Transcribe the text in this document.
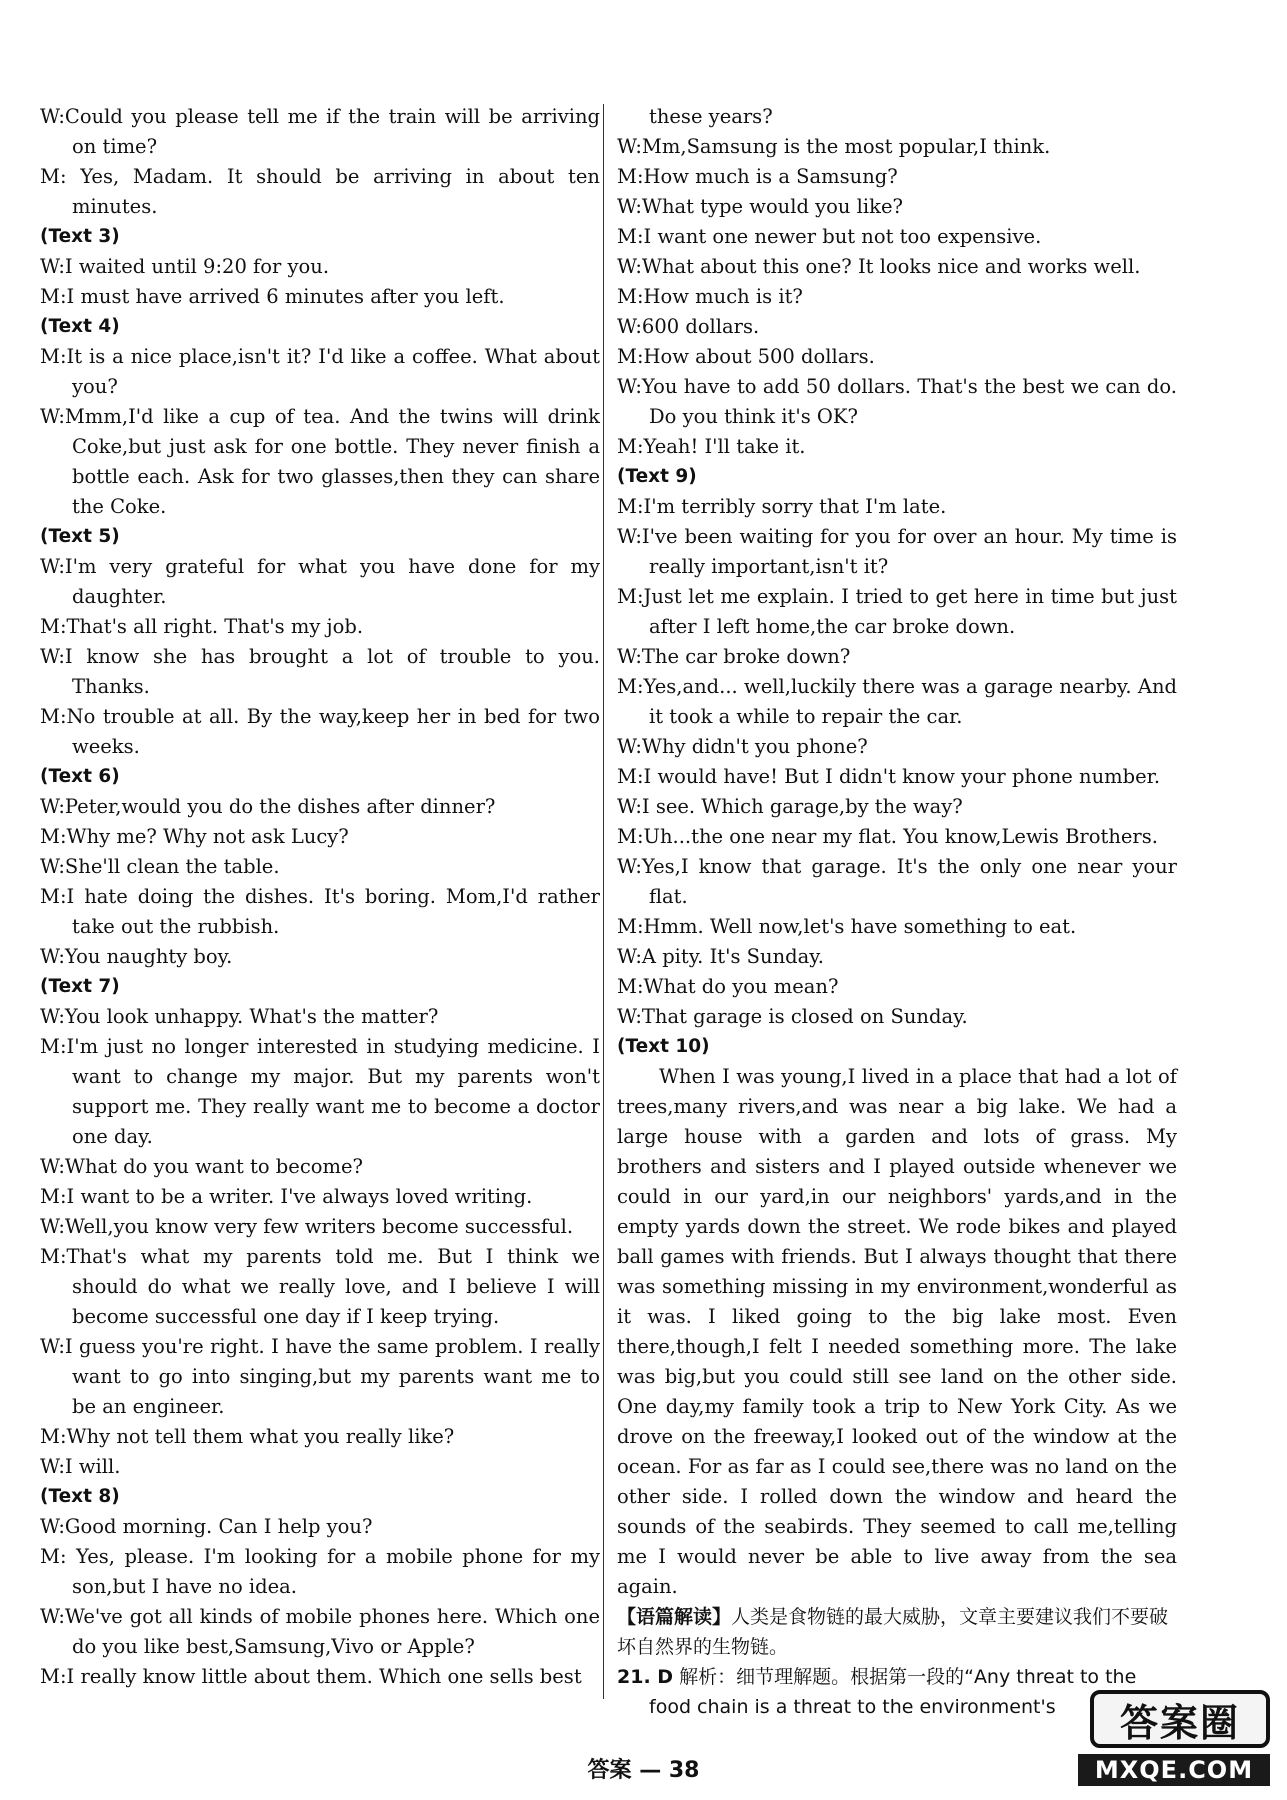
W:Could you please tell me if the train will be arriving on time?

M: Yes, Madam. It should be arriving in about ten minutes.

(Text 3)

W:I waited until 9:20 for you.

M:I must have arrived 6 minutes after you left.

(Text 4)

M:It is a nice place,isn't it? I'd like a coffee. What about you?

W:Mmm,I'd like a cup of tea. And the twins will drink Coke,but just ask for one bottle. They never finish a bottle each. Ask for two glasses,then they can share the Coke.

(Text 5)

W:I'm very grateful for what you have done for my daughter.

M:That's all right. That's my job.

W:I know she has brought a lot of trouble to you. Thanks.

M:No trouble at all. By the way,keep her in bed for two weeks.

(Text 6)

W:Peter,would you do the dishes after dinner?

M:Why me? Why not ask Lucy?

W:She'll clean the table.

M:I hate doing the dishes. It's boring. Mom,I'd rather take out the rubbish.

W:You naughty boy.

(Text 7)

W:You look unhappy. What's the matter?

M:I'm just no longer interested in studying medicine. I want to change my major. But my parents won't support me. They really want me to become a doctor one day.

W:What do you want to become?

M:I want to be a writer. I've always loved writing.

W:Well,you know very few writers become successful.

M:That's what my parents told me. But I think we should do what we really love, and I believe I will become successful one day if I keep trying.

W:I guess you're right. I have the same problem. I really want to go into singing,but my parents want me to be an engineer.

M:Why not tell them what you really like?

W:I will.

(Text 8)

W:Good morning. Can I help you?

M: Yes, please. I'm looking for a mobile phone for my son,but I have no idea.

W:We've got all kinds of mobile phones here. Which one do you like best,Samsung,Vivo or Apple?

M:I really know little about them. Which one sells best

these years?

W:Mm,Samsung is the most popular,I think.

M:How much is a Samsung?

W:What type would you like?

M:I want one newer but not too expensive.

W:What about this one? It looks nice and works well.

M:How much is it?

W:600 dollars.

M:How about 500 dollars.

W:You have to add 50 dollars. That's the best we can do. Do you think it's OK?

M:Yeah! I'll take it.

(Text 9)

M:I'm terribly sorry that I'm late.

W:I've been waiting for you for over an hour. My time is really important,isn't it?

M:Just let me explain. I tried to get here in time but just after I left home,the car broke down.

W:The car broke down?

M:Yes,and... well,luckily there was a garage nearby. And it took a while to repair the car.

W:Why didn't you phone?

M:I would have! But I didn't know your phone number.

W:I see. Which garage,by the way?

M:Uh...the one near my flat. You know,Lewis Brothers.

W:Yes,I know that garage. It's the only one near your flat.

M:Hmm. Well now,let's have something to eat.

W:A pity. It's Sunday.

M:What do you mean?

W:That garage is closed on Sunday.

(Text 10)

When I was young,I lived in a place that had a lot of trees,many rivers,and was near a big lake. We had a large house with a garden and lots of grass. My brothers and sisters and I played outside whenever we could in our yard,in our neighbors' yards,and in the empty yards down the street. We rode bikes and played ball games with friends. But I always thought that there was something missing in my environment,wonderful as it was. I liked going to the big lake most. Even there,though,I felt I needed something more. The lake was big,but you could still see land on the other side. One day,my family took a trip to New York City. As we drove on the freeway,I looked out of the window at the ocean. For as far as I could see,there was no land on the other side. I rolled down the window and heard the sounds of the seabirds. They seemed to call me,telling me I would never be able to live away from the sea again.

【语篇解读】人类是食物链的最大威胁，文章主要建议我们不要破坏自然界的生物链。

21. D 解析：细节理解题。根据第一段的“Any threat to the food chain is a threat to the environment's

答案 — 38
答案圈
MXQE.COM
